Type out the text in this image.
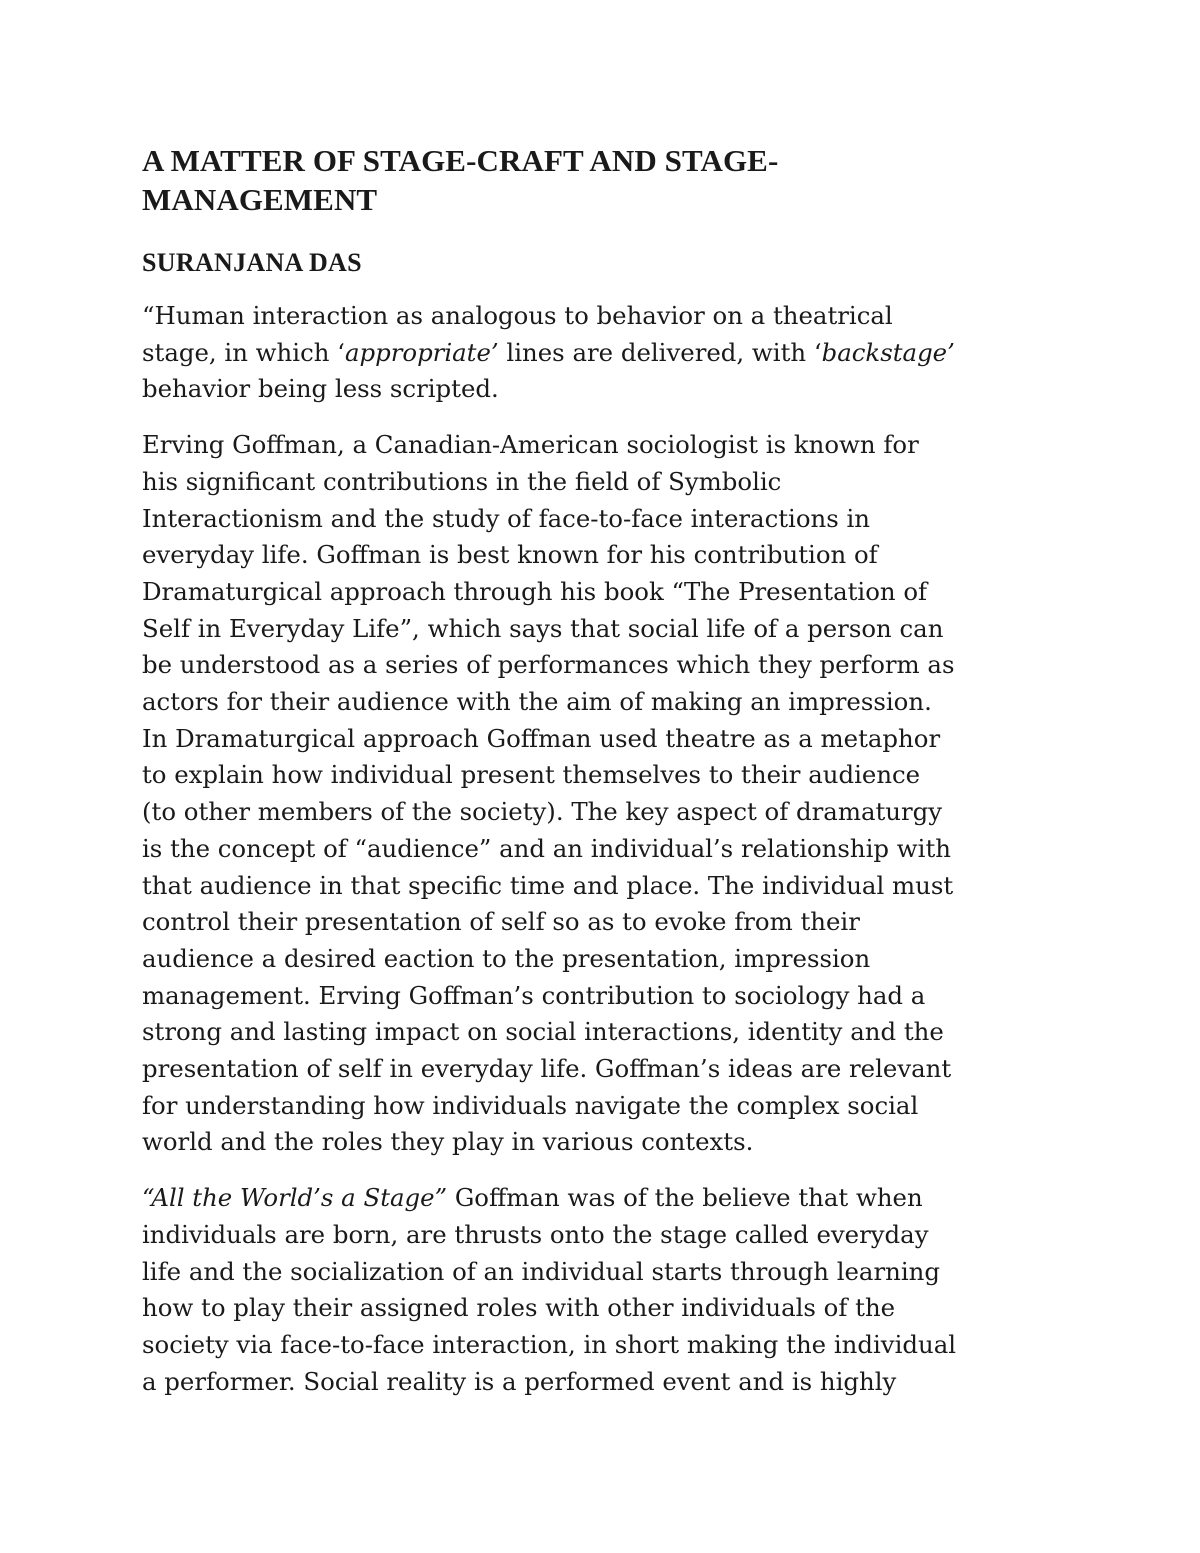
A MATTER OF STAGE-CRAFT AND STAGE-
MANAGEMENT
SURANJANA DAS

“Human interaction as analogous to behavior on a theatrical
stage, in which ‘appropriate’ lines are delivered, with ‘backstage’
behavior being less scripted.

Erving Goffman, a Canadian-American sociologist is known for
his significant contributions in the field of Symbolic
Interactionism and the study of face-to-face interactions in
everyday life. Goffman is best known for his contribution of
Dramaturgical approach through his book “The Presentation of
Self in Everyday Life”, which says that social life of a person can
be understood as a series of performances which they perform as
actors for their audience with the aim of making an impression.
In Dramaturgical approach Goffman used theatre as a metaphor
to explain how individual present themselves to their audience
(to other members of the society). The key aspect of dramaturgy
is the concept of “audience” and an individual’s relationship with
that audience in that specific time and place. The individual must
control their presentation of self so as to evoke from their
audience a desired eaction to the presentation, impression
management. Erving Goffman’s contribution to sociology had a
strong and lasting impact on social interactions, identity and the
presentation of self in everyday life. Goffman’s ideas are relevant
for understanding how individuals navigate the complex social
world and the roles they play in various contexts.

“All the World’s a Stage” Goffman was of the believe that when
individuals are born, are thrusts onto the stage called everyday
life and the socialization of an individual starts through learning
how to play their assigned roles with other individuals of the
society via face-to-face interaction, in short making the individual
a performer. Social reality is a performed event and is highly
